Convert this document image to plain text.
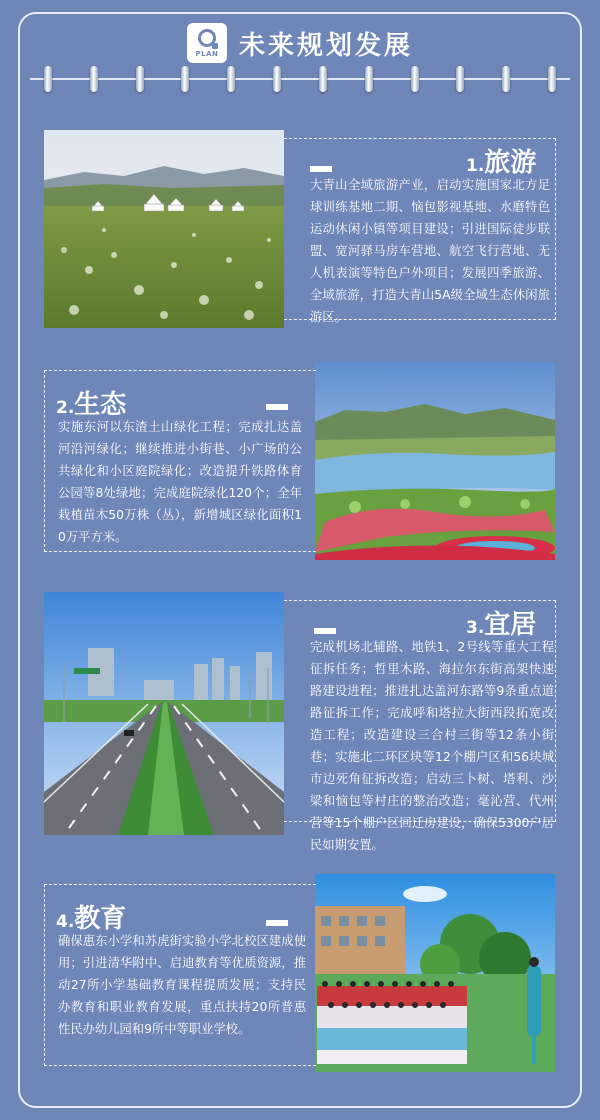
PLAN 未来规划发展
1.旅游
大青山全域旅游产业，启动实施国家北方足球训练基地二期、恼包影视基地、水磨特色运动休闲小镇等项目建设；引进国际徒步联盟、宽河驿马房车营地、航空飞行营地、无人机表演等特色户外项目；发展四季旅游、全域旅游，打造大青山5A级全域生态休闲旅游区。
2.生态
实施东河以东渣土山绿化工程；完成扎达盖河沿河绿化；继续推进小街巷、小广场的公共绿化和小区庭院绿化；改造提升铁路体育公园等8处绿地；完成庭院绿化120个；全年栽植苗木50万株（丛），新增城区绿化面积10万平方米。
3.宜居
完成机场北辅路、地铁1、2号线等重大工程征拆任务；哲里木路、海拉尔东街高架快速路建设进程；推进扎达盖河东路等9条重点道路征拆工作；完成呼和塔拉大街西段拓宽改造工程；改造建设三合村三街等12条小街巷；实施北二环区块等12个棚户区和56块城市边死角征拆改造；启动三卜树、塔利、沙梁和恼包等村庄的整治改造；毫沁营、代州营等15个棚户区回迁房建设，确保5300户居民如期安置。
4.教育
确保惠东小学和苏虎街实验小学北校区建成使用；引进清华附中、启迪教育等优质资源，推动27所小学基础教育课程提质发展；支持民办教育和职业教育发展，重点扶持20所普惠性民办幼儿园和9所中等职业学校。
